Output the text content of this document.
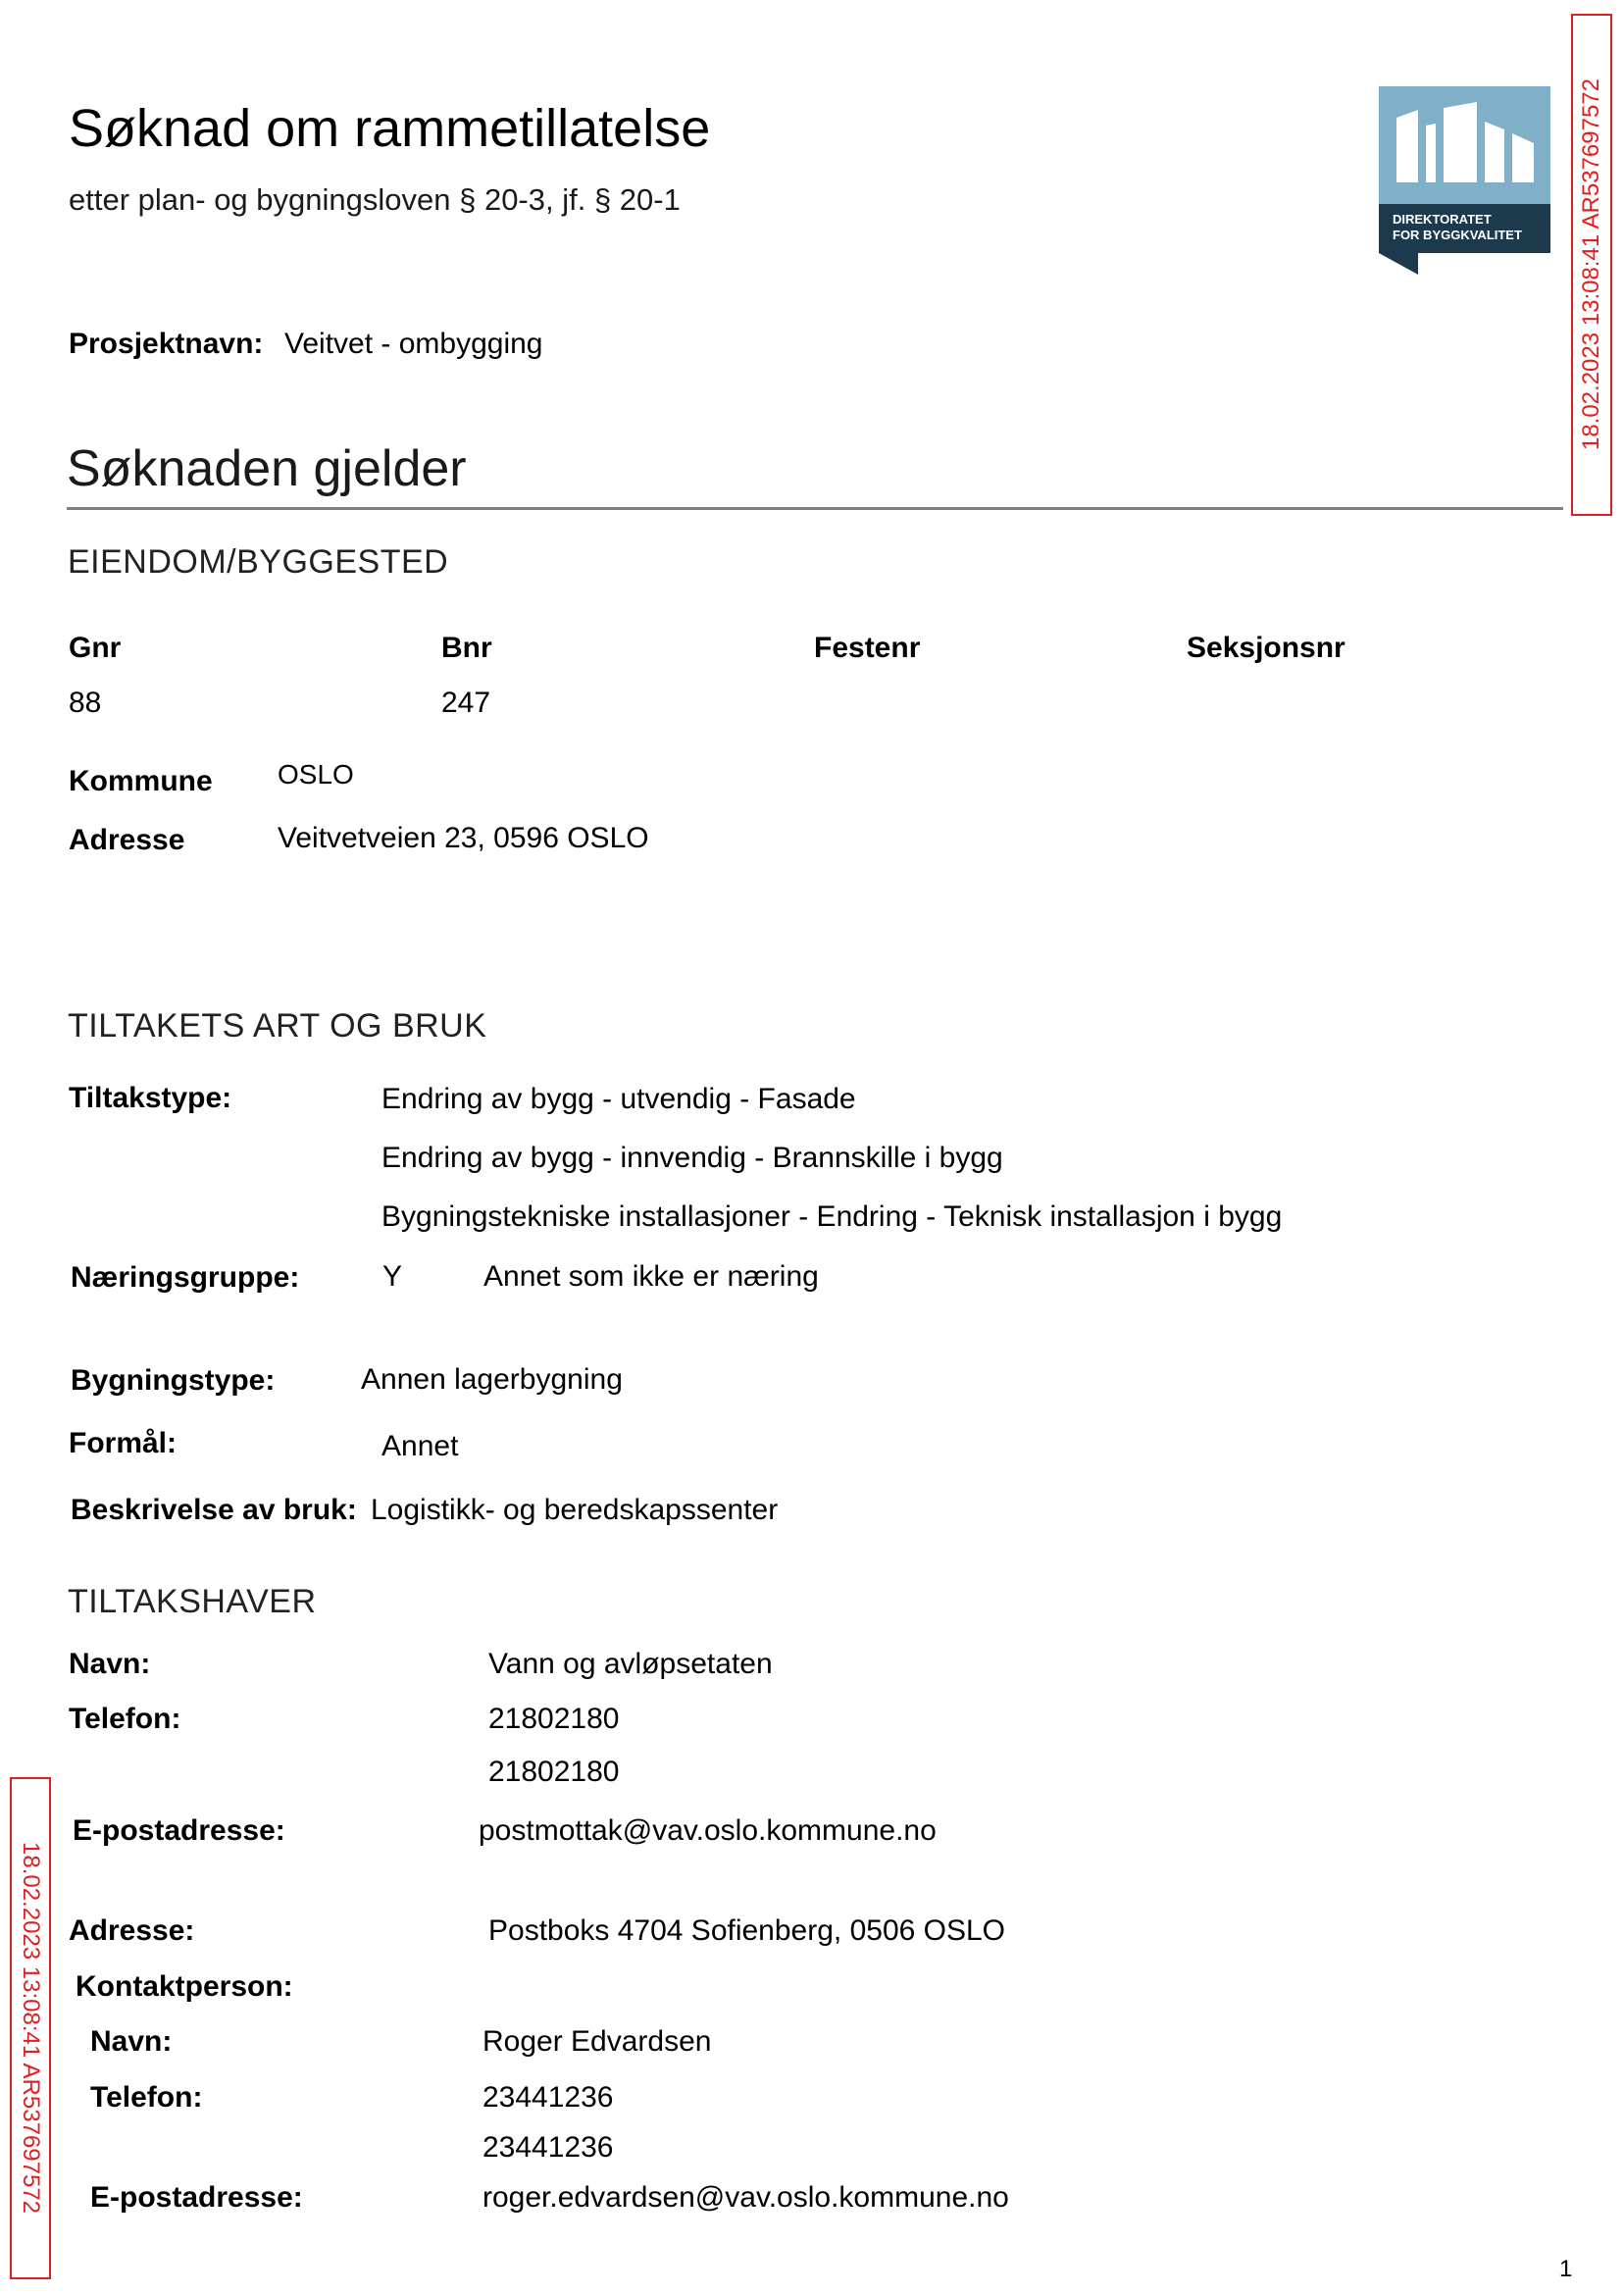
Søknad om rammetillatelse
etter plan- og bygningsloven § 20-3, jf. § 20-1
DIREKTORATET
FOR BYGGKVALITET 18.02.2023 13:08:41 AR537697572
18.02.2023 13:08:41 AR537697572
Prosjektnavn: Veitvet - ombygging
Søknaden gjelder
EIENDOM/BYGGESTED
Gnr	Bnr	Festenr	Seksjonsnr
88	247
Kommune OSLO
Adresse	Veitvetveien 23, 0596 OSLO
TILTAKETS ART OG BRUK
Tiltakstype:	Endring av bygg - utvendig - Fasade
Endring av bygg - innvendig - Brannskille i bygg
Bygningstekniske installasjoner - Endring - Teknisk installasjon i bygg
Næringsgruppe:	Y	Annet som ikke er næring
Bygningstype:	Annen lagerbygning
Formål:	Annet
Beskrivelse av bruk: Logistikk- og beredskapssenter
TILTAKSHAVER
Navn:	Vann og avløpsetaten
Telefon:	21802180
21802180
E-postadresse:	postmottak@vav.oslo.kommune.no
Adresse:	Postboks 4704 Sofienberg, 0506 OSLO
Kontaktperson:
Navn:	Roger Edvardsen
Telefon:	23441236
23441236
E-postadresse:	roger.edvardsen@vav.oslo.kommune.no
1
